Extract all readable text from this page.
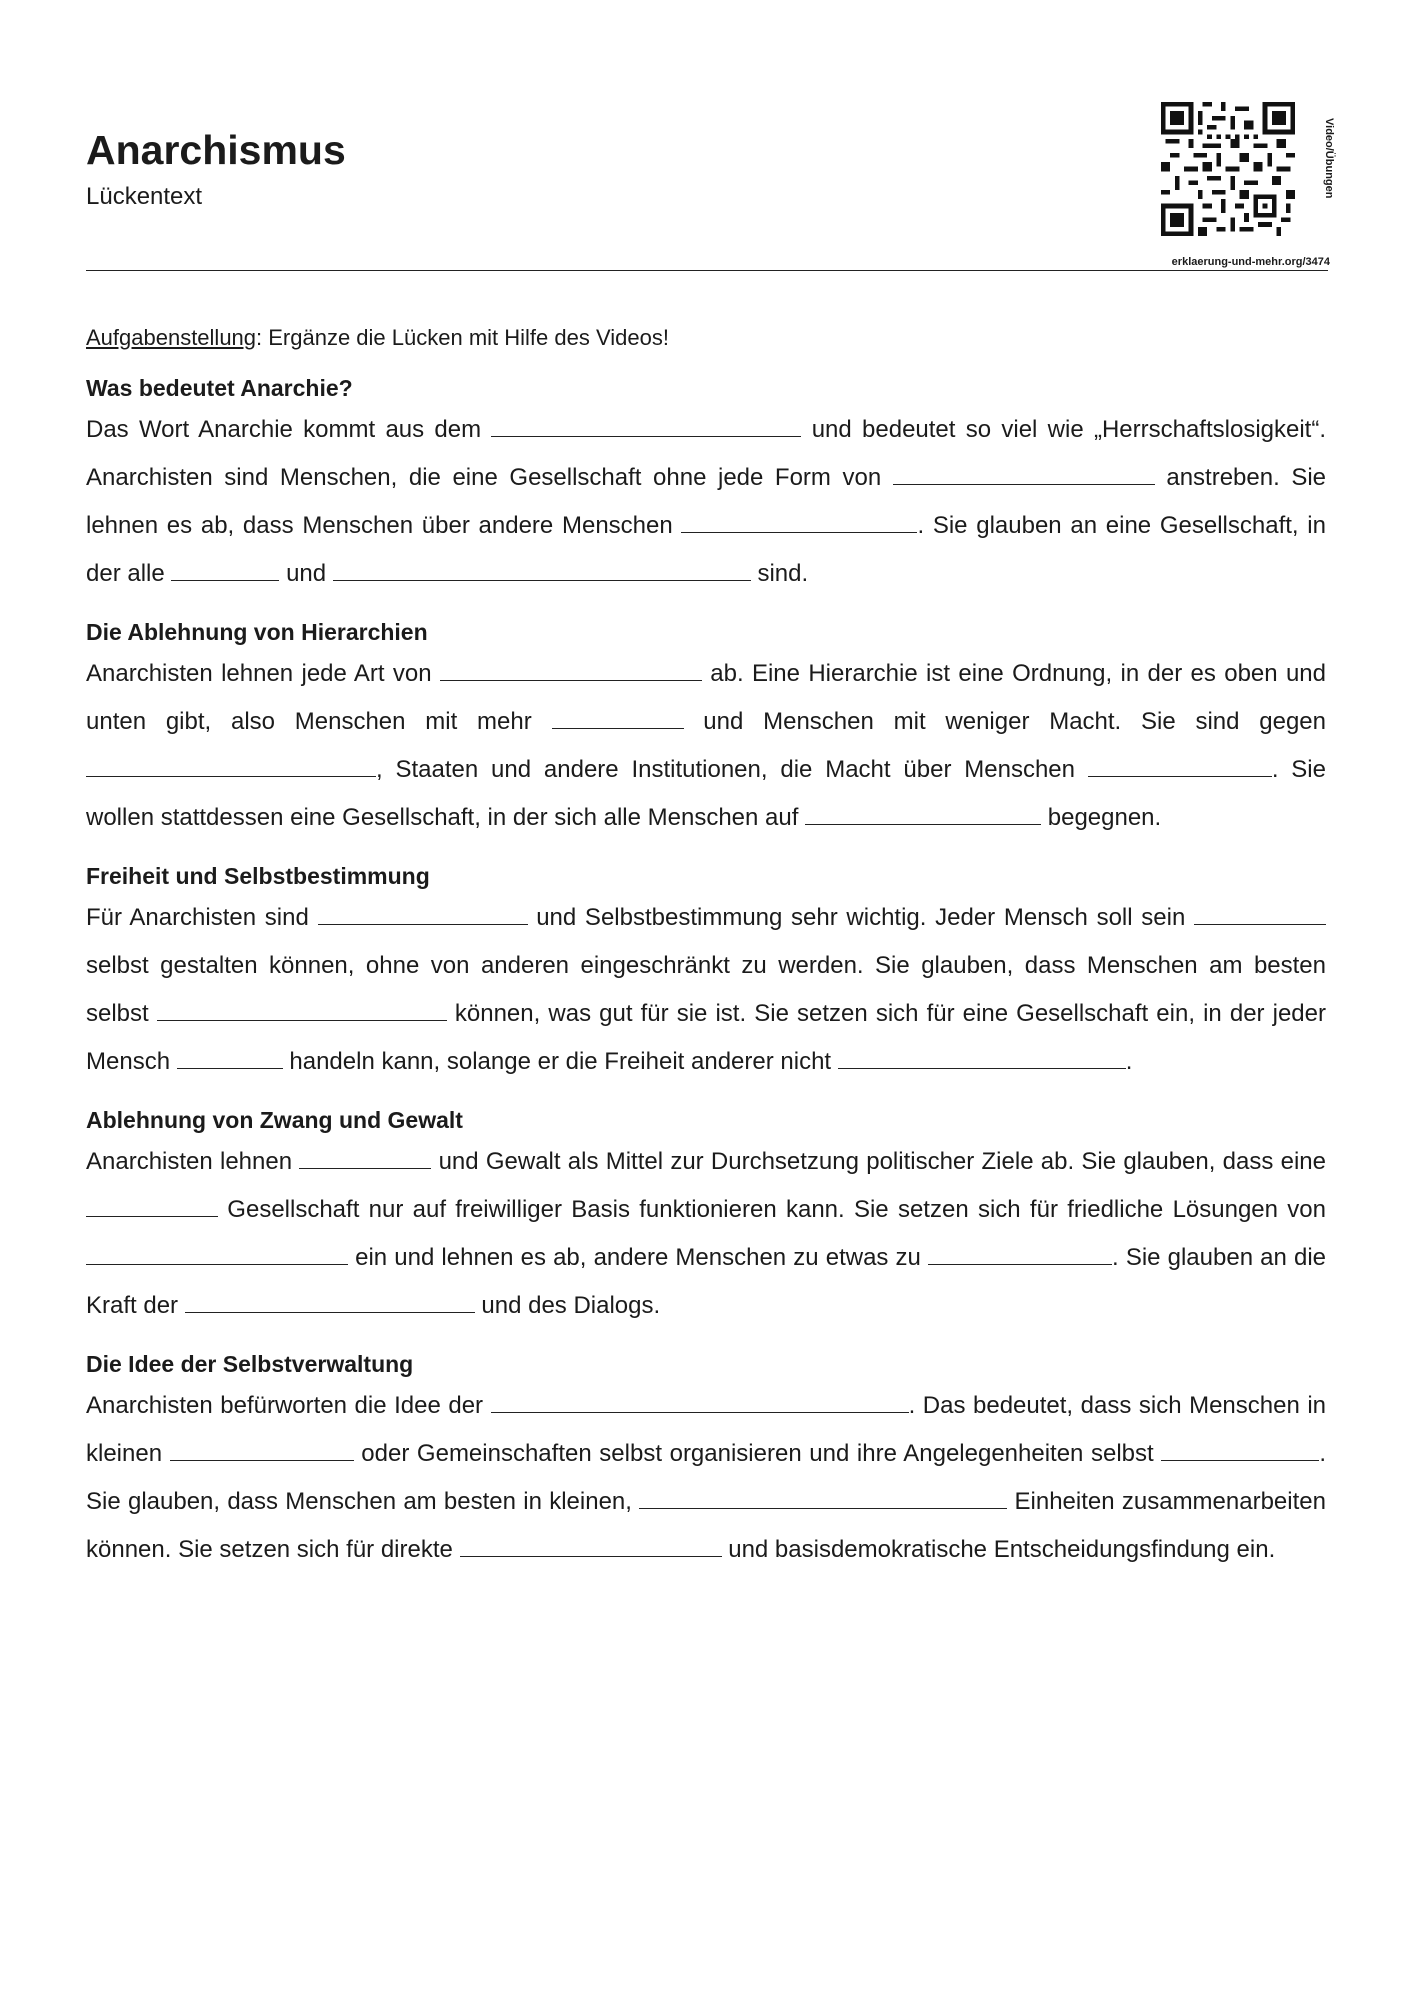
Anarchismus
Lückentext	Video/Übungen
erklaerung-und-mehr.org/3474

Aufgabenstellung: Ergänze die Lücken mit Hilfe des Videos!

Was bedeutet Anarchie?

Das Wort Anarchie kommt aus dem	und bedeutet so viel wie „Herrschaftslosigkeit“. Anarchisten sind Menschen, die eine Gesellschaft ohne jede Form von	anstreben. Sie lehnen es ab, dass Menschen über andere Menschen	. Sie glauben an eine Gesellschaft, in der alle	und	sind.

Die Ablehnung von Hierarchien

Anarchisten lehnen jede Art von	ab. Eine Hierarchie ist eine Ordnung, in der es oben und unten gibt, also Menschen mit mehr	und Menschen mit weniger Macht. Sie sind gegen , Staaten und andere Institutionen, die Macht über Menschen	. Sie wollen stattdessen eine Gesellschaft, in der sich alle Menschen auf	begegnen.

Freiheit und Selbstbestimmung

Für Anarchisten sind	und Selbstbestimmung sehr wichtig. Jeder Mensch soll sein  selbst gestalten können, ohne von anderen eingeschränkt zu werden. Sie glauben, dass Menschen am besten selbst	können, was gut für sie ist. Sie setzen sich für eine Gesellschaft ein, in der jeder Mensch	handeln kann, solange er die Freiheit anderer nicht	.

Ablehnung von Zwang und Gewalt

Anarchisten lehnen	und Gewalt als Mittel zur Durchsetzung politischer Ziele ab. Sie glauben, dass eine  Gesellschaft nur auf freiwilliger Basis funktionieren kann. Sie setzen sich für friedliche Lösungen von  ein und lehnen es ab, andere Menschen zu etwas zu	. Sie glauben an die Kraft der	und des Dialogs.

Die Idee der Selbstverwaltung

Anarchisten befürworten die Idee der	. Das bedeutet, dass sich Menschen in kleinen	oder Gemeinschaften selbst organisieren und ihre Angelegenheiten selbst	. Sie glauben, dass Menschen am besten in kleinen,	Einheiten zusammenarbeiten können. Sie setzen sich für direkte	und basisdemokratische Entscheidungsfindung ein.
